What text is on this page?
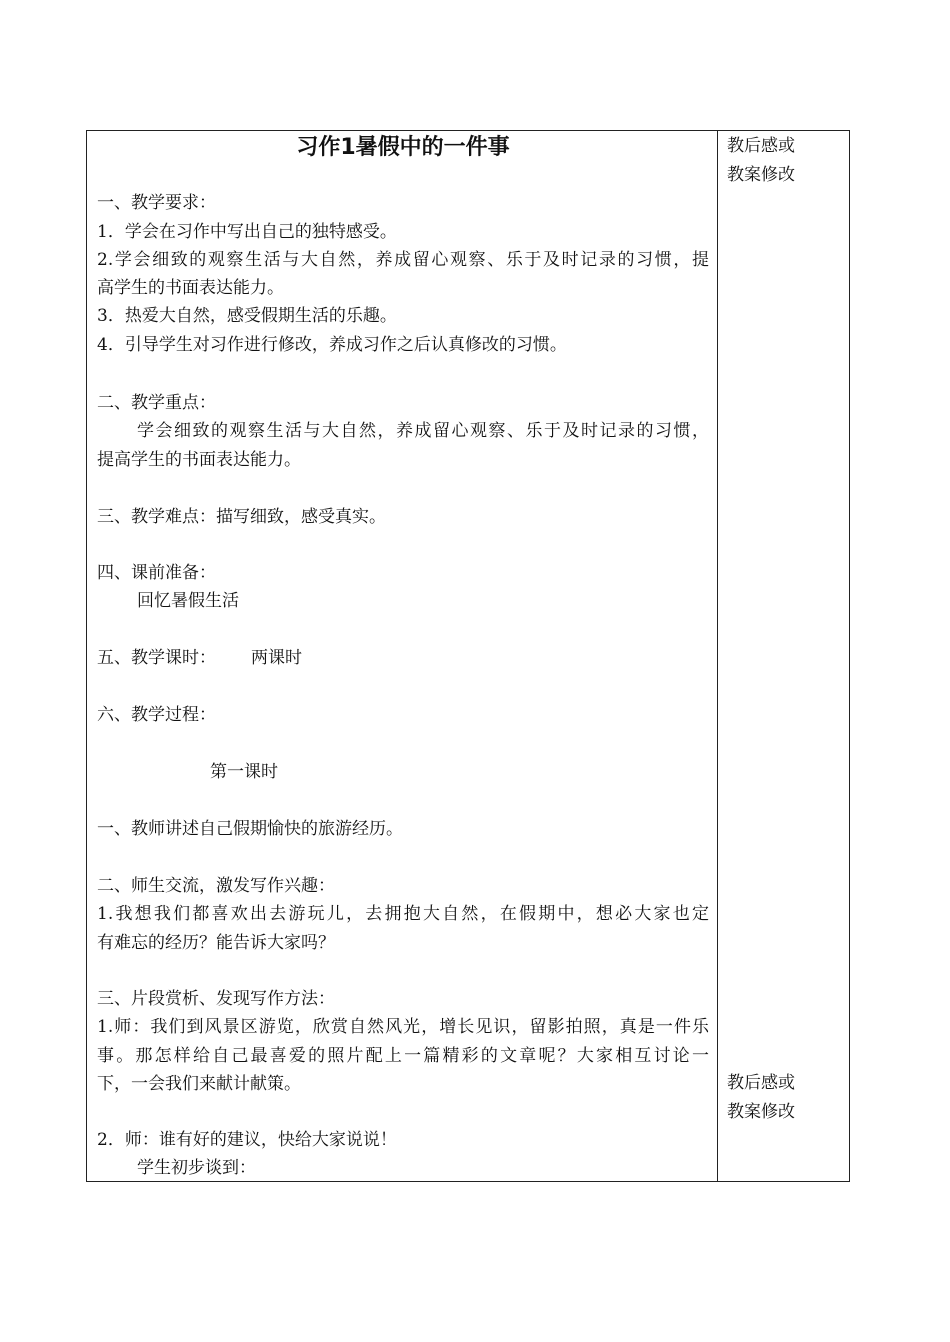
习作1暑假中的一件事
一、教学要求：
1．学会在习作中写出自己的独特感受。
2.学会细致的观察生活与大自然，养成留心观察、乐于及时记录的习惯，提
高学生的书面表达能力。
3．热爱大自然，感受假期生活的乐趣。
4．引导学生对习作进行修改，养成习作之后认真修改的习惯。
二、教学重点：
学会细致的观察生活与大自然，养成留心观察、乐于及时记录的习惯，
提高学生的书面表达能力。
三、教学难点：描写细致，感受真实。
四、课前准备：
回忆暑假生活
五、教学课时： 两课时
六、教学过程：
第一课时
一、教师讲述自己假期愉快的旅游经历。
二、师生交流，激发写作兴趣：
1.我想我们都喜欢出去游玩儿，去拥抱大自然，在假期中，想必大家也定
有难忘的经历？能告诉大家吗？
三、片段赏析、发现写作方法：
1.师：我们到风景区游览，欣赏自然风光，增长见识，留影拍照，真是一件乐
事。那怎样给自己最喜爱的照片配上一篇精彩的文章呢？大家相互讨论一
下，一会我们来献计献策。
2．师：谁有好的建议，快给大家说说！
学生初步谈到：
教后感或
教案修改
教后感或
教案修改
